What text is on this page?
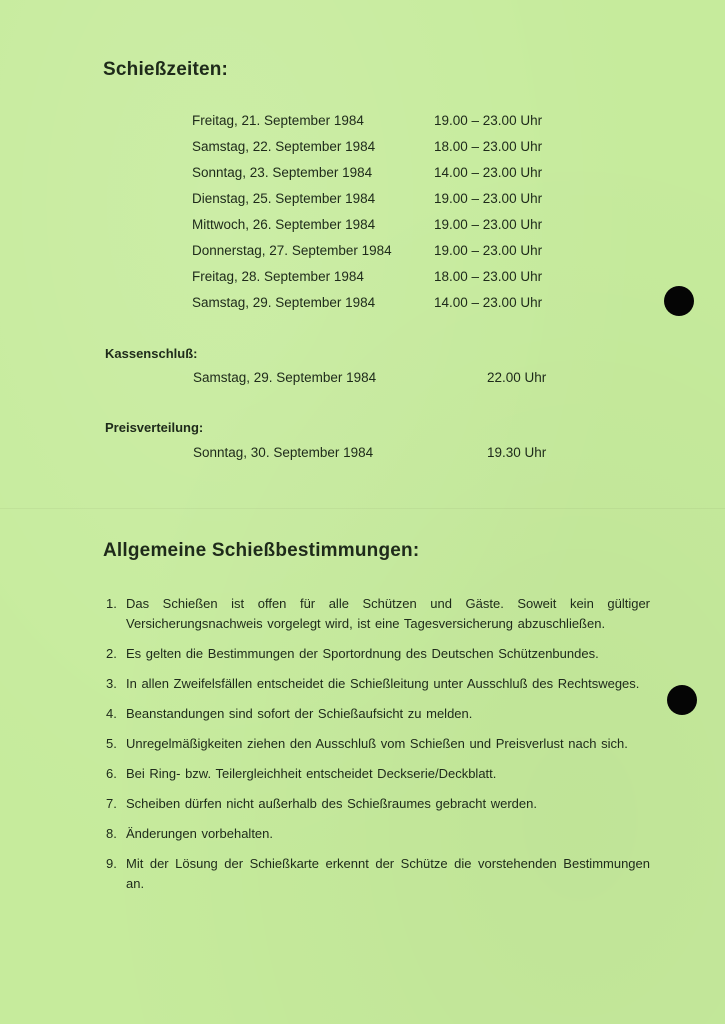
Schießzeiten:
Freitag, 21. September 1984	19.00 – 23.00 Uhr
Samstag, 22. September 1984	18.00 – 23.00 Uhr
Sonntag, 23. September 1984	14.00 – 23.00 Uhr
Dienstag, 25. September 1984	19.00 – 23.00 Uhr
Mittwoch, 26. September 1984	19.00 – 23.00 Uhr
Donnerstag, 27. September 1984	19.00 – 23.00 Uhr
Freitag, 28. September 1984	18.00 – 23.00 Uhr
Samstag, 29. September 1984	14.00 – 23.00 Uhr
Kassenschluß:
Samstag, 29. September 1984	22.00 Uhr
Preisverteilung:
Sonntag, 30. September 1984	19.30 Uhr
Allgemeine Schießbestimmungen:
1. Das Schießen ist offen für alle Schützen und Gäste. Soweit kein gültiger Versicherungsnachweis vorgelegt wird, ist eine Tagesversicherung abzuschließen.
2. Es gelten die Bestimmungen der Sportordnung des Deutschen Schützenbundes.
3. In allen Zweifelsfällen entscheidet die Schießleitung unter Ausschluß des Rechtsweges.
4. Beanstandungen sind sofort der Schießaufsicht zu melden.
5. Unregelmäßigkeiten ziehen den Ausschluß vom Schießen und Preisverlust nach sich.
6. Bei Ring- bzw. Teilergleichheit entscheidet Deckserie/Deckblatt.
7. Scheiben dürfen nicht außerhalb des Schießraumes gebracht werden.
8. Änderungen vorbehalten.
9. Mit der Lösung der Schießkarte erkennt der Schütze die vorstehenden Bestimmungen an.
